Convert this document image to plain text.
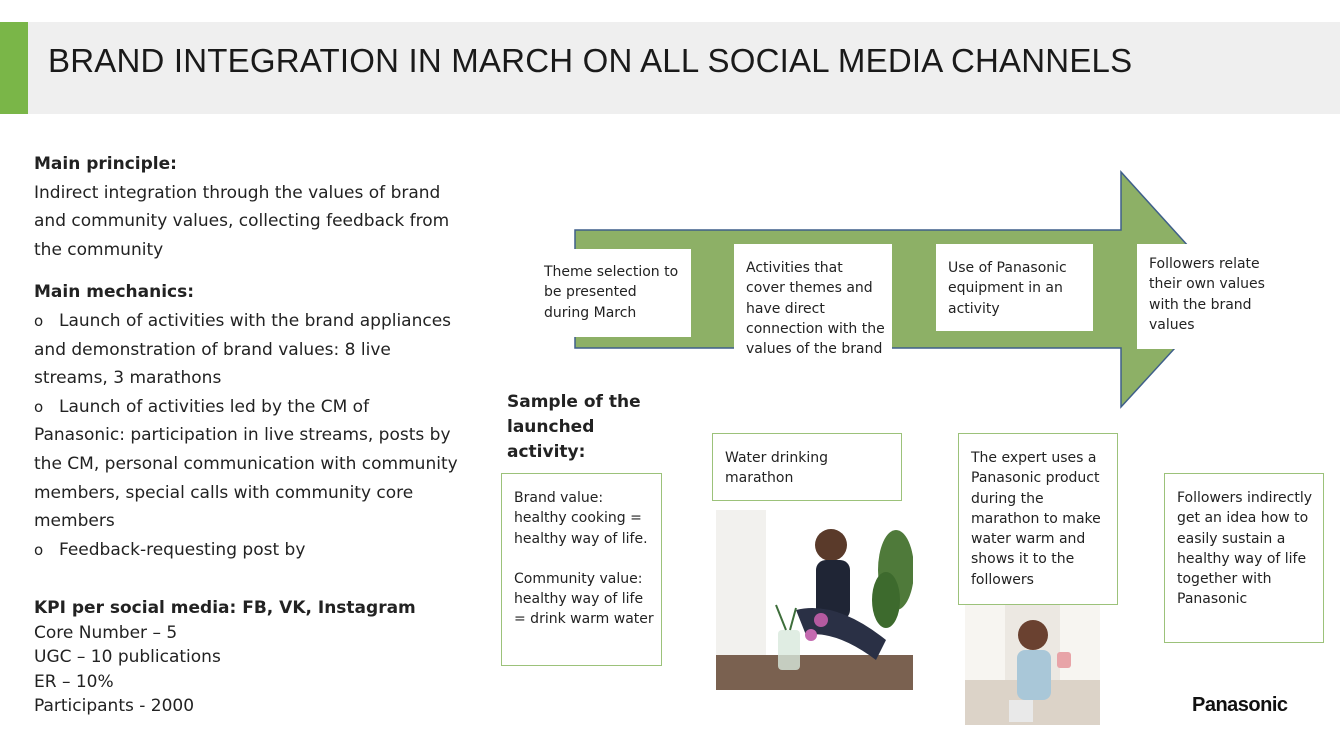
BRAND INTEGRATION IN MARCH ON ALL SOCIAL MEDIA CHANNELS
Main principle:
Indirect integration through the values of brand and community values, collecting feedback from the community
Main mechanics:
o Launch of activities with the brand appliances and demonstration of brand values: 8 live streams, 3 marathons
o Launch of activities led by the CM of Panasonic: participation in live streams, posts by the CM, personal communication with community members, special calls with community core members
o Feedback-requesting post by
KPI per social media: FB, VK, Instagram
Core Number – 5
UGC – 10 publications
ER – 10%
Participants - 2000
Theme selection to be presented during March
Activities that cover themes and have direct connection with the values of the brand
Use of Panasonic equipment in an activity
Followers relate their own values with the brand values
Sample of the launched activity:
Brand value: healthy cooking = healthy way of life.
Community value: healthy way of life = drink warm water
Water drinking marathon
The expert uses a Panasonic product during the marathon to make water warm and shows it to the followers
Followers indirectly get an idea how to easily sustain a healthy way of life together with Panasonic
Panasonic
